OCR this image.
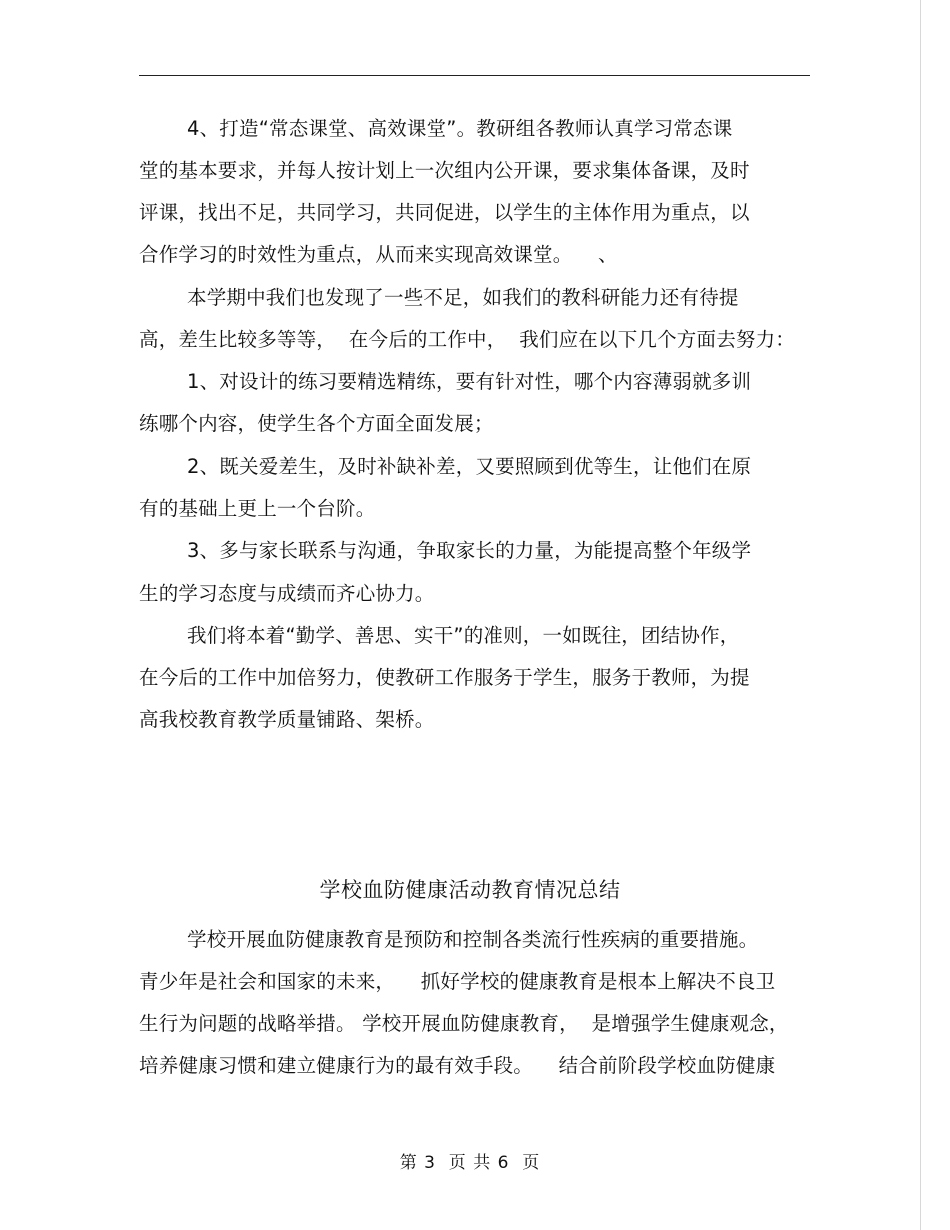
4、打造“常态课堂、高效课堂”。教研组各教师认真学习常态课
堂的基本要求，并每人按计划上一次组内公开课，要求集体备课，及时
评课，找出不足，共同学习，共同促进，以学生的主体作用为重点，以
合作学习的时效性为重点，从而来实现高效课堂。    、
本学期中我们也发现了一些不足，如我们的教科研能力还有待提
高，差生比较多等等，  在今后的工作中，  我们应在以下几个方面去努力：
1、对设计的练习要精选精练，要有针对性，哪个内容薄弱就多训
练哪个内容，使学生各个方面全面发展；
2、既关爱差生，及时补缺补差，又要照顾到优等生，让他们在原
有的基础上更上一个台阶。
3、多与家长联系与沟通，争取家长的力量，为能提高整个年级学
生的学习态度与成绩而齐心协力。
我们将本着“勤学、善思、实干”的准则，一如既往，团结协作，
在今后的工作中加倍努力，使教研工作服务于学生，服务于教师，为提
高我校教育教学质量铺路、架桥。
学校血防健康活动教育情况总结
学校开展血防健康教育是预防和控制各类流行性疾病的重要措施。
青少年是社会和国家的未来，    抓好学校的健康教育是根本上解决不良卫
生行为问题的战略举措。 学校开展血防健康教育，  是增强学生健康观念，
培养健康习惯和建立健康行为的最有效手段。    结合前阶段学校血防健康
第 3  页 共 6  页
